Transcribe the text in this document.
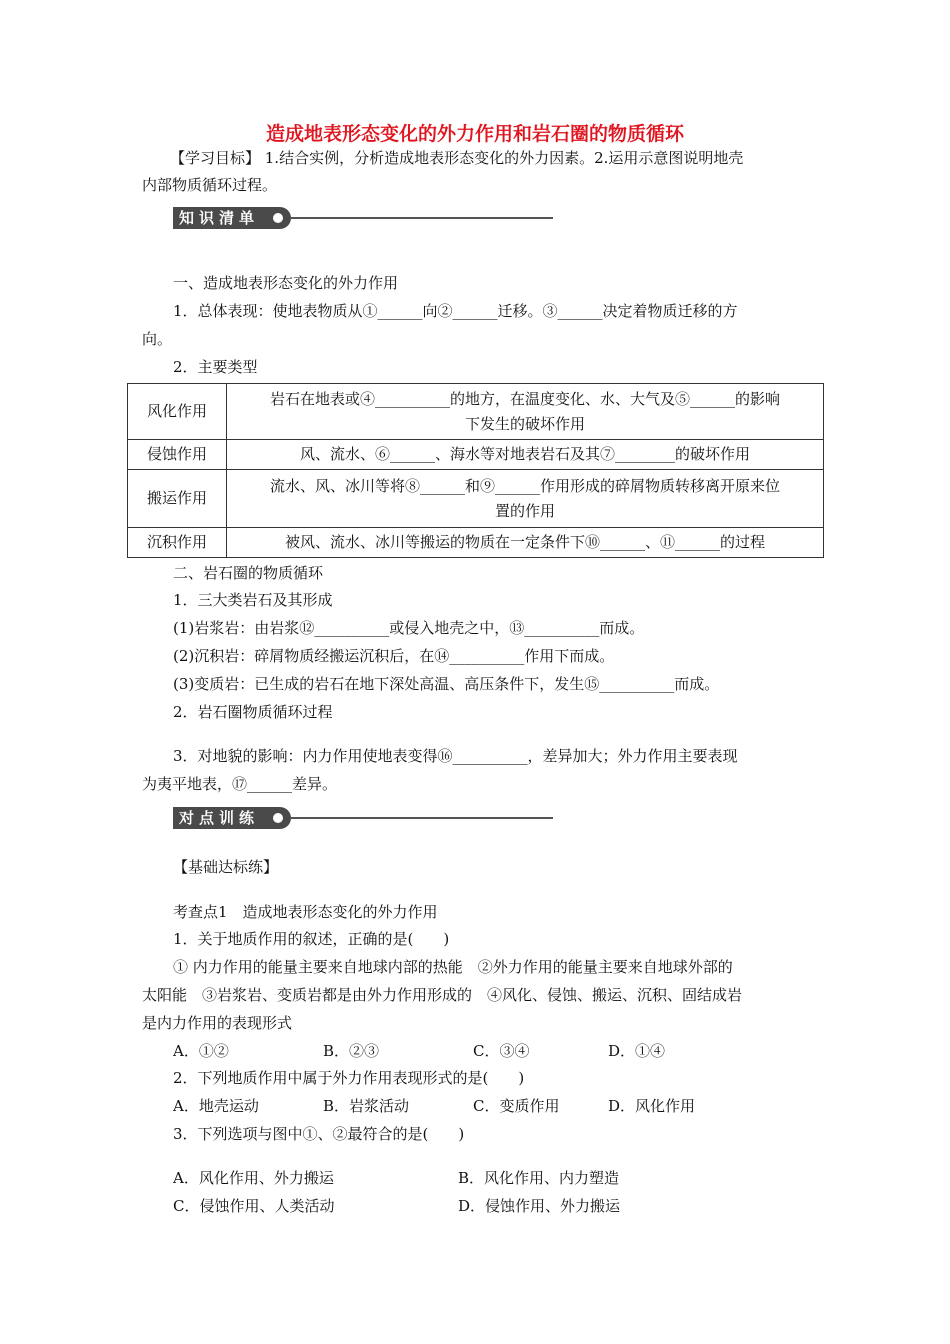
造成地表形态变化的外力作用和岩石圈的物质循环
【学习目标】 1.结合实例，分析造成地表形态变化的外力因素。2.运用示意图说明地壳
内部物质循环过程。
知识清单
一、造成地表形态变化的外力作用
1．总体表现：使地表物质从①______向②______迁移。③______决定着物质迁移的方
向。
2．主要类型
风化作用	岩石在地表或④__________的地方，在温度变化、水、大气及⑤______的影响
下发生的破坏作用

侵蚀作用	风、流水、⑥______、海水等对地表岩石及其⑦________的破坏作用
搬运作用	流水、风、冰川等将⑧______和⑨______作用形成的碎屑物质转移离开原来位
置的作用

沉积作用	被风、流水、冰川等搬运的物质在一定条件下⑩______、⑪______的过程
二、岩石圈的物质循环
1．三大类岩石及其形成
(1)岩浆岩：由岩浆⑫__________或侵入地壳之中，⑬__________而成。
(2)沉积岩：碎屑物质经搬运沉积后，在⑭__________作用下而成。
(3)变质岩：已生成的岩石在地下深处高温、高压条件下，发生⑮__________而成。
2．岩石圈物质循环过程
3．对地貌的影响：内力作用使地表变得⑯__________，差异加大；外力作用主要表现
为夷平地表，⑰______差异。
对点训练
【基础达标练】
考查点1　造成地表形态变化的外力作用
1．关于地质作用的叙述，正确的是(　　)
① 内力作用的能量主要来自地球内部的热能　②外力作用的能量主要来自地球外部的
太阳能　③岩浆岩、变质岩都是由外力作用形成的　④风化、侵蚀、搬运、沉积、固结成岩
是内力作用的表现形式
A．①②	B．②③	C．③④	D．①④
2．下列地质作用中属于外力作用表现形式的是(　　)
A．地壳运动	B．岩浆活动	C．变质作用	D．风化作用
3．下列选项与图中①、②最符合的是(　　)
A．风化作用、外力搬运	B．风化作用、内力塑造
C．侵蚀作用、人类活动	D．侵蚀作用、外力搬运
